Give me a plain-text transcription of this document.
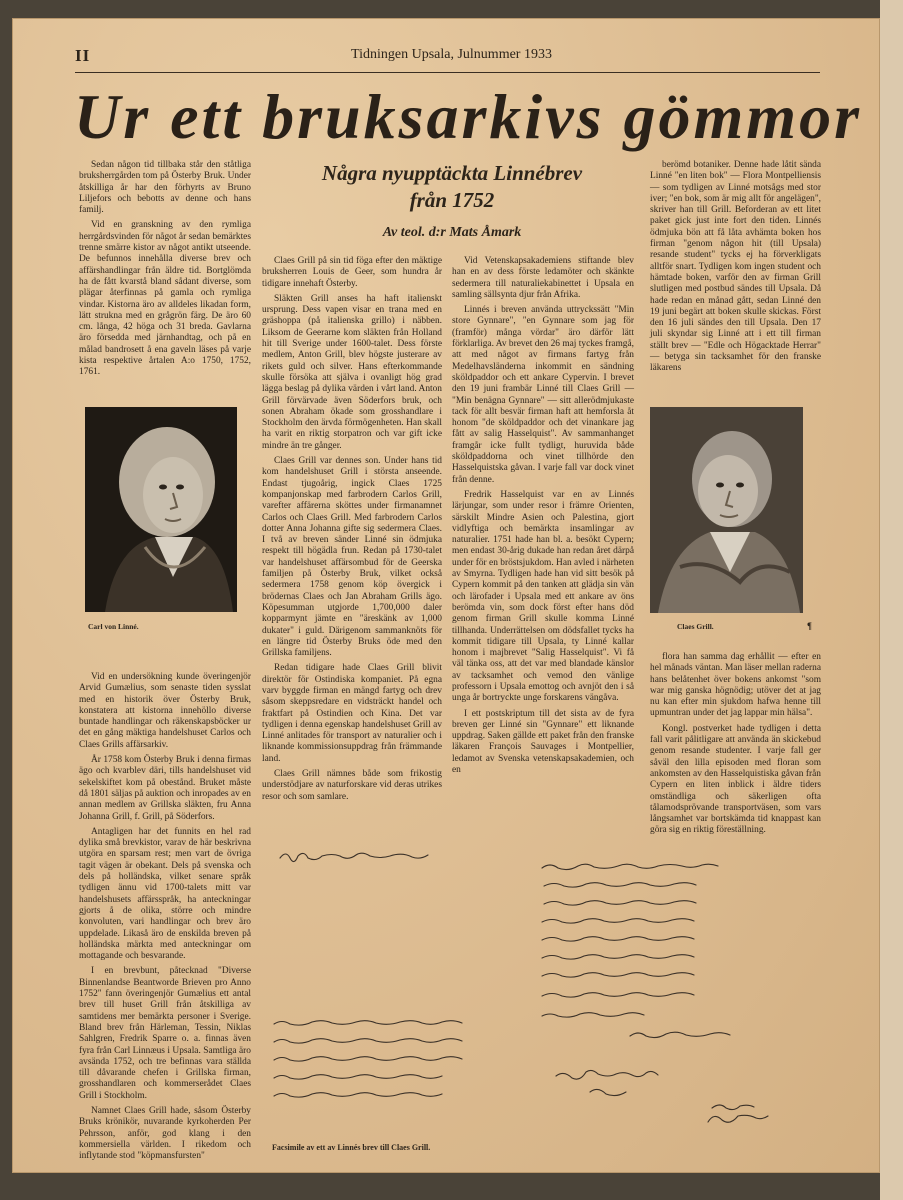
II	Tidningen Upsala, Julnummer 1933
Ur ett bruksarkivs gömmor

Sedan någon tid tillbaka står den ståtliga bruksherrgården tom på Österby Bruk. Under åtskilliga år har den förhyrts av Bruno Liljefors och bebotts av denne och hans familj.

Vid en granskning av den rymliga herrgårdsvinden för något år sedan bemärktes trenne smärre kistor av något antikt utseende. De befunnos innehålla diverse brev och affärshandlingar från äldre tid. Bortglömda ha de fått kvarstå bland sådant diverse, som plägar återfinnas på gamla och rymliga vindar. Kistorna äro av alldeles likadan form, lätt strukna med en grågrön färg. De äro 60 cm. långa, 42 höga och 31 breda. Gavlarna äro försedda med järnhandtag, och på en målad bandrosett å ena gaveln läses på varje kista respektive årtalen A:o 1750, 1752, 1761.

Carl von Linné.

Vid en undersökning kunde överingenjör Arvid Gumælius, som senaste tiden sysslat med en historik över Österby Bruk, konstatera att kistorna innehöllo diverse buntade handlingar och räkenskapsböcker ur det en gång mäktiga handelshuset Carlos och Claes Grills affärsarkiv.

År 1758 kom Österby Bruk i denna firmas ägo och kvarblev däri, tills handelshuset vid sekelskiftet kom på obestånd. Bruket måste då 1801 säljas på auktion och inropades av en annan medlem av Grillska släkten, fru Anna Johanna Grill, f. Grill, på Söderfors.

Antagligen har det funnits en hel rad dylika små brevkistor, varav de här beskrivna utgöra en sparsam rest; men vart de övriga tagit vägen är obekant. Dels på svenska och dels på holländska, vilket senare språk tydligen ännu vid 1700-talets mitt var handelshusets affärsspråk, ha anteckningar gjorts å de olika, större och mindre konvoluten, vari handlingar och brev äro uppdelade. Likaså äro de enskilda breven på holländska märkta med anteckningar om mottagande och besvarande.

I en brevbunt, påtecknad "Diverse Binnenlandse Beantworde Brieven pro Anno 1752" fann överingenjör Gumælius ett antal brev till huset Grill från åtskilliga av samtidens mer bemärkta personer i Sverige. Bland brev från Härleman, Tessin, Niklas Sahlgren, Fredrik Sparre o. a. finnas även fyra från Carl Linnæus i Upsala. Samtliga äro avsända 1752, och tre befinnas vara ställda till dåvarande chefen i Grillska firman, grosshandlaren och kommerserådet Claes Grill i Stockholm.

Namnet Claes Grill hade, såsom Österby Bruks krönikör, nuvarande kyrkoherden Per Pehrsson, anför, god klang i den kommersiella världen. I rikedom och inflytande stod "köpmansfursten"

Några nyupptäckta Linnébrev
från 1752
Av teol. d:r Mats Åmark

Claes Grill på sin tid föga efter den mäktige bruksherren Louis de Geer, som hundra år tidigare innehaft Österby.

Släkten Grill anses ha haft italienskt ursprung. Dess vapen visar en trana med en gräshoppa (på italienska grillo) i näbben. Liksom de Geerarne kom släkten från Holland hit till Sverige under 1600-talet. Dess förste medlem, Anton Grill, blev högste justerare av rikets guld och silver. Hans efterkommande skulle försöka att själva i ovanligt hög grad lägga beslag på dylika värden i vårt land. Anton Grill förvärvade även Söderfors bruk, och sonen Abraham ökade som grosshandlare i Stockholm den ärvda förmögenheten. Han skall ha varit en riktig storpatron och var gift icke mindre än tre gånger.

Claes Grill var dennes son. Under hans tid kom handelshuset Grill i största anseende. Endast tjugoårig, ingick Claes 1725 kompanjonskap med farbrodern Carlos Grill, varefter affärerna sköttes under firmanamnet Carlos och Claes Grill. Med farbrodern Carlos dotter Anna Johanna gifte sig sedermera Claes. I två av breven sänder Linné sin ödmjuka respekt till högädla frun. Redan på 1730-talet var handelshuset affärsombud för de Geerska familjen på Österby Bruk, vilket också sedermera 1758 genom köp övergick i brödernas Claes och Jan Abraham Grills ägo. Köpesumman utgjorde 1,700,000 daler kopparmynt jämte en "äreskänk av 1,000 dukater" i guld. Därigenom sammanknöts för en längre tid Österby Bruks öde med den Grillska familjens.

Redan tidigare hade Claes Grill blivit direktör för Ostindiska kompaniet. På egna varv byggde firman en mängd fartyg och drev såsom skeppsredare en vidsträckt handel och fraktfart på Ostindien och Kina. Det var tydligen i denna egenskap handelshuset Grill av Linné anlitades för transport av naturalier och i liknande kommissionsuppdrag från främmande land.

Claes Grill nämnes både som frikostig understödjare av naturforskare vid deras utrikes resor och som samlare.

Vid Vetenskapsakademiens stiftande blev han en av dess förste ledamöter och skänkte sedermera till naturaliekabinettet i Upsala en samling sällsynta djur från Afrika.

Linnés i breven använda uttryckssätt "Min store Gynnare", "en Gynnare som jag för (framför) många vördar" äro därför lätt förklarliga. Av brevet den 26 maj tyckes framgå, att med något av firmans fartyg från Medelhavsländerna inkommit en sändning sköldpaddor och ett ankare Cypervin. I brevet den 19 juni frambär Linné till Claes Grill — "Min benägna Gynnare" — sitt allerödmjukaste tack för allt besvär firman haft att hemforsla åt honom "de sköldpaddor och det vinankare jag fått av salig Hasselquist". Av sammanhanget framgår icke fullt tydligt, huruvida både sköldpaddorna och vinet tillhörde den Hasselquistska gåvan. I varje fall var dock vinet från denne.

Fredrik Hasselquist var en av Linnés lärjungar, som under resor i främre Orienten, särskilt Mindre Asien och Palestina, gjort vidlyftiga och bemärkta insamlingar av naturalier. 1751 hade han bl. a. besökt Cypern; men endast 30-årig dukade han redan året därpå under för en bröstsjukdom. Han avled i närheten av Smyrna. Tydligen hade han vid sitt besök på Cypern kommit på den tanken att glädja sin vän och lärofader i Upsala med ett ankare av öns berömda vin, som dock först efter hans död genom firman Grill skulle komma Linné tillhanda. Underrättelsen om dödsfallet tycks ha kommit tidigare till Upsala, ty Linné kallar honom i majbrevet "Salig Hasselquist". Vi få väl tänka oss, att det var med blandade känslor av tacksamhet och vemod den vänlige professorn i Upsala emottog och avnjöt den i så unga år bortryckte unge forskarens vängåva.

I ett postskriptum till det sista av de fyra breven ger Linné sin "Gynnare" ett liknande uppdrag. Saken gällde ett paket från den franske läkaren François Sauvages i Montpellier, ledamot av Svenska vetenskapsakademien, och en

berömd botaniker. Denne hade låtit sända Linné "en liten bok" — Flora Montpelliensis — som tydligen av Linné motsågs med stor iver; "en bok, som är mig allt för angelägen", skriver han till Grill. Beforderan av ett litet paket gick just inte fort den tiden. Linnés ödmjuka bön att få låta avhämta boken hos firman "genom någon hit (till Upsala) resande student" tycks ej ha förverkligats alltför snart. Tydligen kom ingen student och hämtade boken, varför den av firman Grill slutligen med postbud sändes till Upsala. Då hade redan en månad gått, sedan Linné den 19 juni begärt att boken skulle skickas. Först den 16 juli sändes den till Upsala. Den 17 juli skyndar sig Linné att i ett till firman ställt brev — "Edle och Högacktade Herrar" — betyga sin tacksamhet för den franske läkarens

Claes Grill.	¶

flora han samma dag erhållit — efter en hel månads väntan. Man läser mellan raderna hans belåtenhet över bokens ankomst "som war mig ganska högnödig; utöver det at jag nu kan efter min sjukdom hafwa henne till upmuntran under det jag lappar min hälsa".

Kongl. postverket hade tydligen i detta fall varit pålitligare att använda än skickebud genom resande studenter. I varje fall ger såväl den lilla episoden med floran som ankomsten av den Hasselquistiska gåvan från Cypern en liten inblick i äldre tiders omständliga och säkerligen ofta tålamodsprövande transportväsen, som vars långsamhet var bortskämda tid knappast kan göra sig en riktig föreställning.

Facsimile av ett av Linnés brev till Claes Grill.
